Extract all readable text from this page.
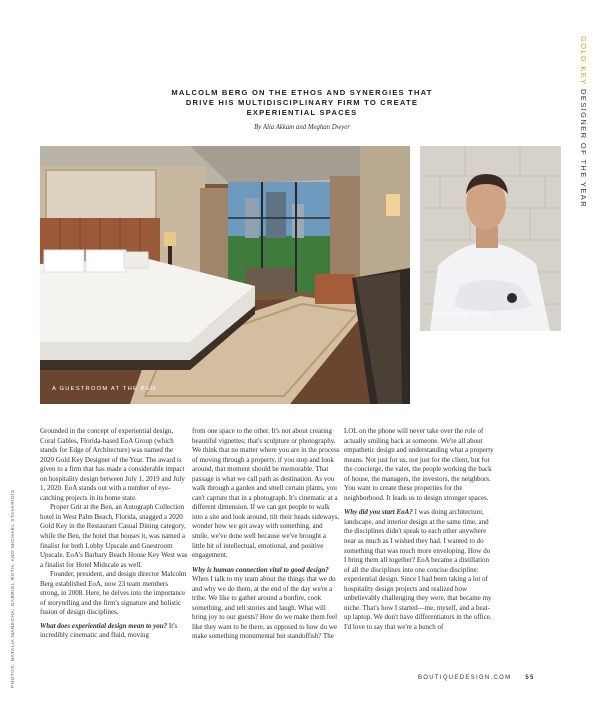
GOLD KEY DESIGNER OF THE YEAR
PHOTOS: NATALIA MANECHA; GABRIEL ROTH, AND MICHAEL STAVARIDIS
MALCOLM BERG ON THE ETHOS AND SYNERGIES THAT DRIVE HIS MULTIDISCIPLINARY FIRM TO CREATE EXPERIENTIAL SPACES
By Alia Akkam and Meghan Dwyer
A GUESTROOM AT THE BEN
MALCOLM BERG

Grounded in the concept of experiential design, Coral Gables, Florida-based EoA Group (which stands for Edge of Architecture) was named the 2020 Gold Key Designer of the Year. The award is given to a firm that has made a considerable impact on hospitality design between July 1, 2019 and July 1, 2020. EoA stands out with a number of eye-catching projects in its home state.

Proper Grit at the Ben, an Autograph Collection hotel in West Palm Beach, Florida, snagged a 2020 Gold Key in the Restaurant Casual Dining category, while the Ben, the hotel that houses it, was named a finalist for both Lobby Upscale and Guestroom Upscale. EoA's Barbary Beach House Key West was a finalist for Hotel Midscale as well.

Founder, president, and design director Malcolm Berg established EoA, now 23 team members strong, in 2008. Here, he delves into the importance of storytelling and the firm's signature and holistic fusion of design disciplines.

What does experiential design mean to you? It's incredibly cinematic and fluid, moving

from one space to the other. It's not about creating beautiful vignettes; that's sculpture or photography. We think that no matter where you are in the process of moving through a property, if you stop and look around, that moment should be memorable. That passage is what we call path as destination. As you walk through a garden and smell certain plants, you can't capture that in a photograph. It's cinematic at a different dimension. If we can get people to walk into a site and look around, tilt their heads sideways, wonder how we got away with something, and smile, we've done well because we've brought a little bit of intellectual, emotional, and positive engagement.

Why is human connection vital to good design? When I talk to my team about the things that we do and why we do them, at the end of the day we're a tribe. We like to gather around a bonfire, cook something, and tell stories and laugh. What will bring joy to our guests? How do we make them feel like they want to be there, as opposed to how do we make something monumental but standoffish? The

LOL on the phone will never take over the role of actually smiling back at someone. We're all about empathetic design and understanding what a property means. Not just for us, not just for the client, but for the concierge, the valet, the people working the back of house, the managers, the investors, the neighbors. You want to create these properties for the neighborhood. It leads us to design stronger spaces.

Why did you start EoA? I was doing architecture, landscape, and interior design at the same time, and the disciplines didn't speak to each other anywhere near as much as I wished they had. I wanted to do something that was much more enveloping. How do I bring them all together? EoA became a distillation of all the disciplines into one concise discipline: experiential design. Since I had been taking a lot of hospitality design projects and realized how unbelievably challenging they were, that became my niche. That's how I started—me, myself, and a beat-up laptop. We don't have differentiators in the office. I'd love to say that we're a bunch of

BOUTIQUEDESIGN.COM 55
